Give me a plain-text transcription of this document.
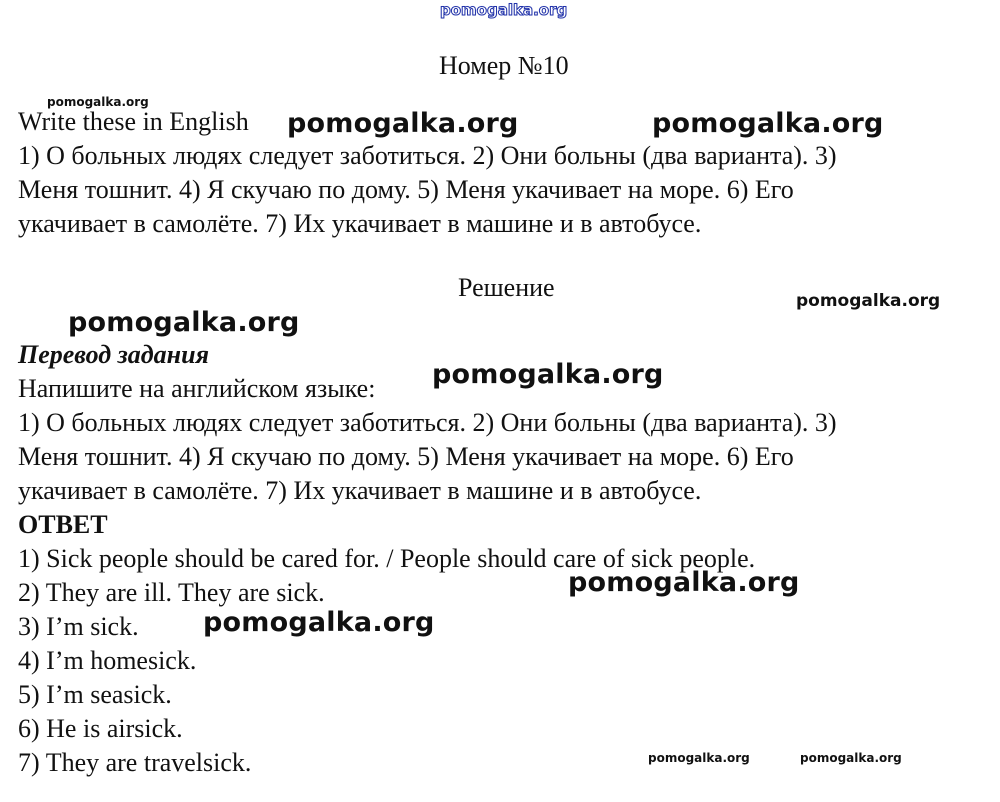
pomogalka.org
Номер №10
Write these in English
1) О больных людях следует заботиться. 2) Они больны (два варианта). 3)
Меня тошнит. 4) Я скучаю по дому. 5) Меня укачивает на море. 6) Его
укачивает в самолёте. 7) Их укачивает в машине и в автобусе.
Решение
Перевод задания
Напишите на английском языке:
1) О больных людях следует заботиться. 2) Они больны (два варианта). 3)
Меня тошнит. 4) Я скучаю по дому. 5) Меня укачивает на море. 6) Его
укачивает в самолёте. 7) Их укачивает в машине и в автобусе.
ОТВЕТ
1) Sick people should be cared for. / People should care of sick people.
2) They are ill. They are sick.
3) I’m sick.
4) I’m homesick.
5) I’m seasick.
6) He is airsick.
7) They are travelsick.
pomogalka.org
pomogalka.org	pomogalka.org
pomogalka.org
pomogalka.org
pomogalka.org
pomogalka.org
pomogalka.org
pomogalka.org	pomogalka.org
